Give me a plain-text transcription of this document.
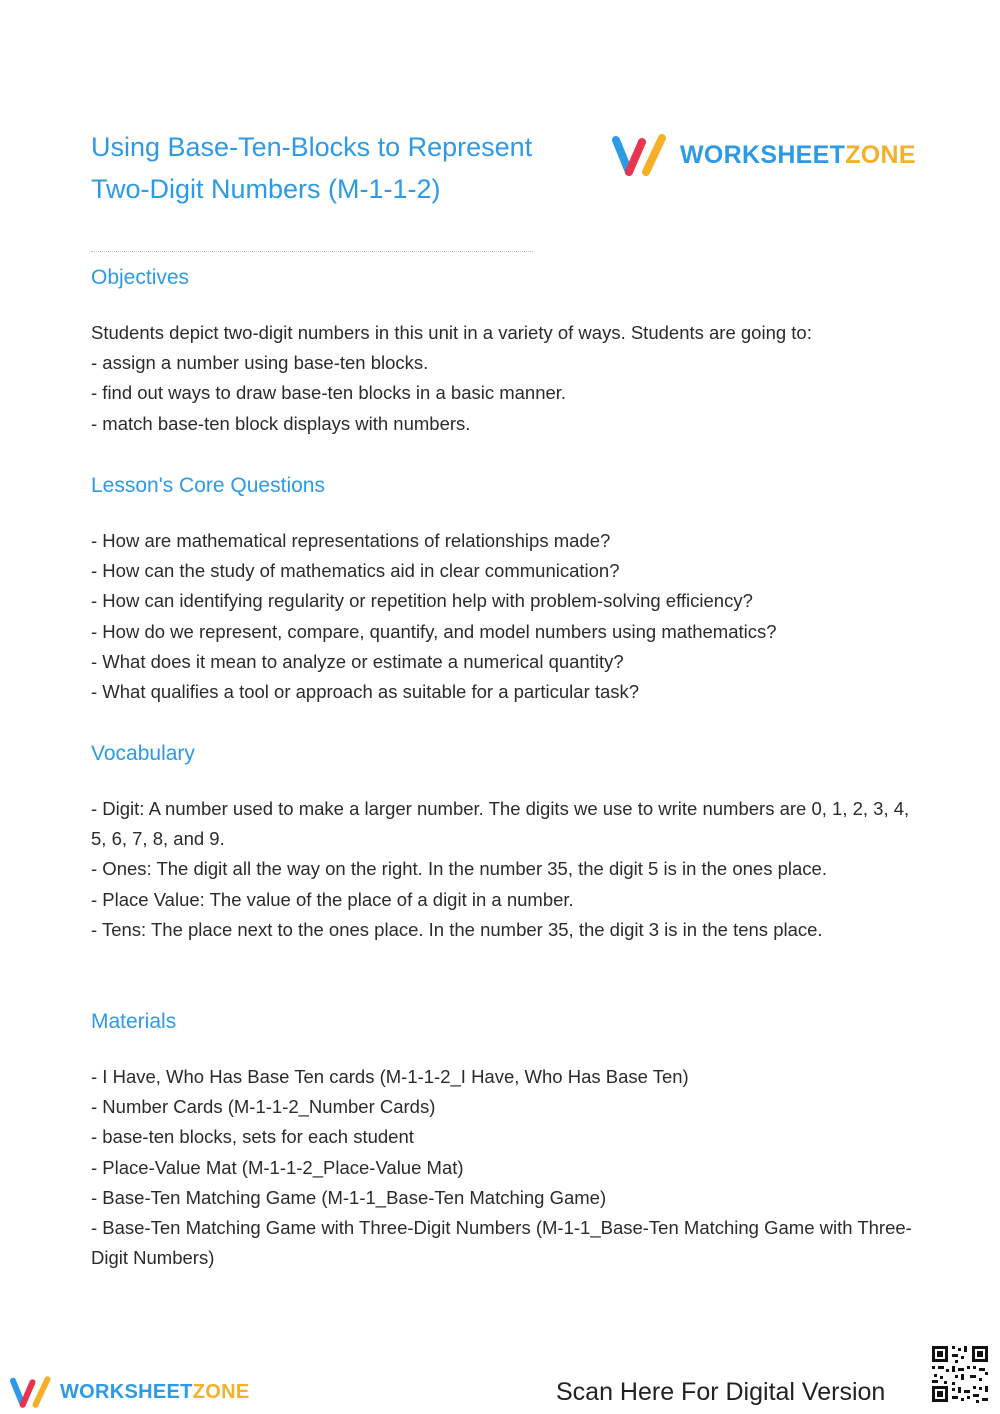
Using Base-Ten-Blocks to Represent Two-Digit Numbers (M-1-1-2)
WORKSHEETZONE
Objectives
Students depict two-digit numbers in this unit in a variety of ways. Students are going to:
- assign a number using base-ten blocks.
- find out ways to draw base-ten blocks in a basic manner.
- match base-ten block displays with numbers.
Lesson's Core Questions
- How are mathematical representations of relationships made?
- How can the study of mathematics aid in clear communication?
- How can identifying regularity or repetition help with problem-solving efficiency?
- How do we represent, compare, quantify, and model numbers using mathematics?
- What does it mean to analyze or estimate a numerical quantity?
- What qualifies a tool or approach as suitable for a particular task?
Vocabulary
- Digit: A number used to make a larger number. The digits we use to write numbers are 0, 1, 2, 3, 4, 5, 6, 7, 8, and 9.
- Ones: The digit all the way on the right. In the number 35, the digit 5 is in the ones place.
- Place Value: The value of the place of a digit in a number.
- Tens: The place next to the ones place. In the number 35, the digit 3 is in the tens place.
Materials
- I Have, Who Has Base Ten cards (M-1-1-2_I Have, Who Has Base Ten)
- Number Cards (M-1-1-2_Number Cards)
- base-ten blocks, sets for each student
- Place-Value Mat (M-1-1-2_Place-Value Mat)
- Base-Ten Matching Game (M-1-1_Base-Ten Matching Game)
- Base-Ten Matching Game with Three-Digit Numbers (M-1-1_Base-Ten Matching Game with Three-Digit Numbers)
WORKSHEETZONE	Scan Here For Digital Version
